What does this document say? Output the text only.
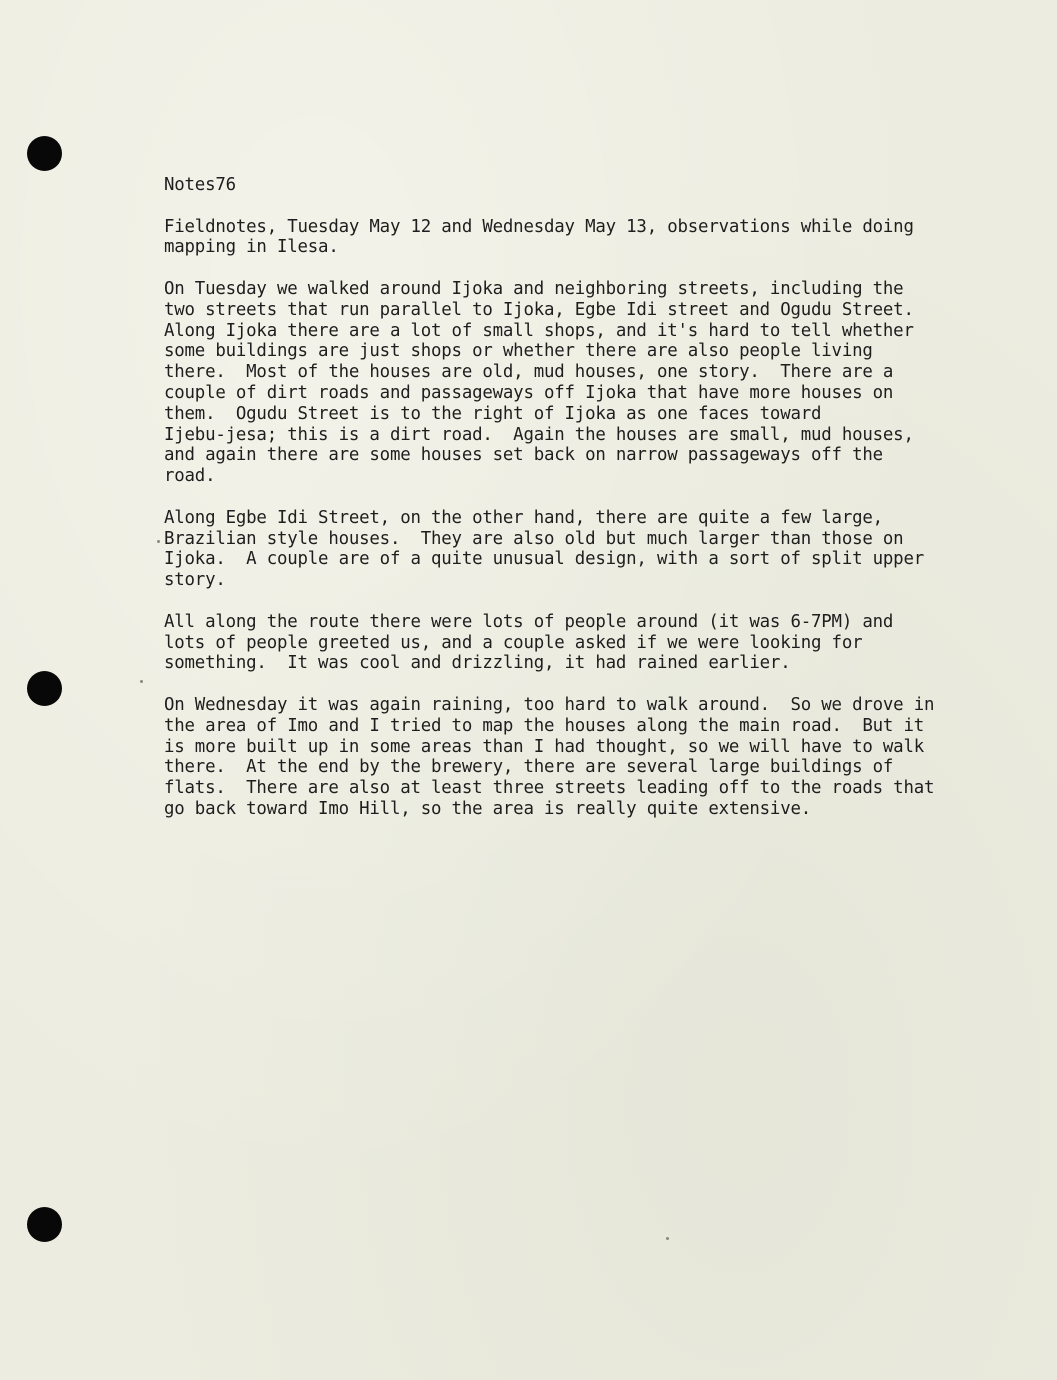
Notes76

Fieldnotes, Tuesday May 12 and Wednesday May 13, observations while doing
mapping in Ilesa.

On Tuesday we walked around Ijoka and neighboring streets, including the
two streets that run parallel to Ijoka, Egbe Idi street and Ogudu Street.
Along Ijoka there are a lot of small shops, and it's hard to tell whether
some buildings are just shops or whether there are also people living
there.  Most of the houses are old, mud houses, one story.  There are a
couple of dirt roads and passageways off Ijoka that have more houses on
them.  Ogudu Street is to the right of Ijoka as one faces toward
Ijebu-jesa; this is a dirt road.  Again the houses are small, mud houses,
and again there are some houses set back on narrow passageways off the
road.

Along Egbe Idi Street, on the other hand, there are quite a few large,
Brazilian style houses.  They are also old but much larger than those on
Ijoka.  A couple are of a quite unusual design, with a sort of split upper
story.

All along the route there were lots of people around (it was 6-7PM) and
lots of people greeted us, and a couple asked if we were looking for
something.  It was cool and drizzling, it had rained earlier.

On Wednesday it was again raining, too hard to walk around.  So we drove in
the area of Imo and I tried to map the houses along the main road.  But it
is more built up in some areas than I had thought, so we will have to walk
there.  At the end by the brewery, there are several large buildings of
flats.  There are also at least three streets leading off to the roads that
go back toward Imo Hill, so the area is really quite extensive.
